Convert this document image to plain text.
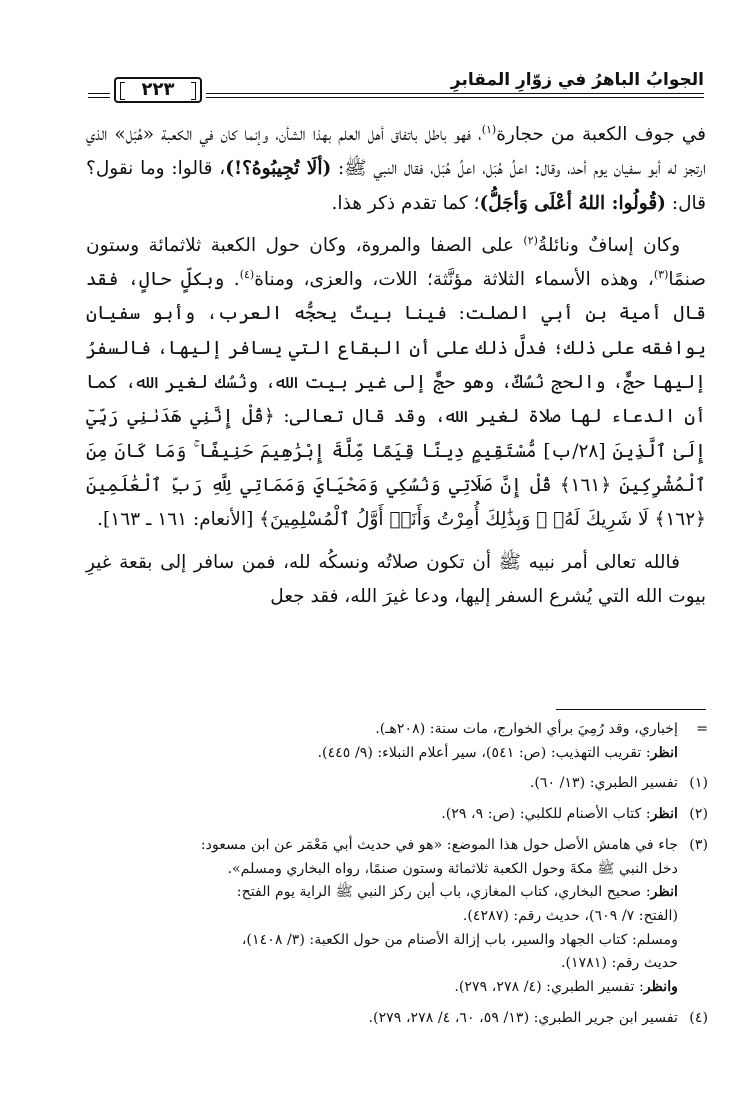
الجوابُ الباهرُ في زوّارِ المقابرِ
٢٢٣

في جوف الكعبة من حجارة$^{(١)}$، فهو باطل باتفاق أهل العلم بهذا الشأن، وإنما كان في الكعبة «هُبَل» الذي ارتجز له أبو سفيان يوم أحد، وقال: اعلُ هُبَل، اعلُ هُبَل، فقال النبي ﷺ: (ألَا تُجِيبُوهُ؟!)، قالوا: وما نقول؟ قال: (قُولُوا: اللهُ أعْلَى وَأجَلُّ)؛ كما تقدم ذكر هذا.

وكان إسافٌ ونائلةُ$^{(٢)}$ على الصفا والمروة، وكان حول الكعبة ثلاثمائة وستون صنمًا$^{(٣)}$، وهذه الأسماء الثلاثة مؤنَّثة؛ اللات، والعزى، ومناة$^{(٤)}$. وبكلٍّ حالٍ، فقد قال أمية بن أبي الصلت: فينا بيتٌ يحجُّه العرب، وأبو سفيان يوافقه على ذلك؛ فدلَّ ذلك على أن البقاع التي يسافر إليها، فالسفرُ إليها حجٌّ، والحج نُسُكٌ، وهو حجٌّ إلى غير بيت الله، ونُسُك لغير الله، كما أن الدعاء لها صلاة لغير الله، وقد قال تعالى: ﴿قُلْ إِنَّنِي هَدَىٰنِي رَبِّيٓ إِلَىٰ ٱلَّذِينَ [٢٨/ب] مُّسْتَقِيمٍ دِينًا قِيَمًا مِّلَّةَ إِبْرَٰهِيمَ حَنِيفًا ۚ وَمَا كَانَ مِنَ ٱلْمُشْرِكِينَ ﴿١٦١﴾ قُلْ إِنَّ صَلَاتِي وَنُسُكِي وَمَحْيَايَ وَمَمَاتِي لِلَّهِ رَبِّ ٱلْعَٰلَمِينَ ﴿١٦٢﴾ لَا شَرِيكَ لَهُۥ ۖ وَبِذَٰلِكَ أُمِرْتُ وَأَنَا۠ أَوَّلُ ٱلْمُسْلِمِينَ﴾ [الأنعام: ١٦١ ـ ١٦٣].

فالله تعالى أمر نبيه ﷺ أن تكون صلاتُه ونسكُه لله، فمن سافر إلى بقعة غيرِ بيوت الله التي يُشرع السفر إليها، ودعا غيرَ الله، فقد جعل

=
إخباري، وقد رُمِيَ برأي الخوارج، مات سنة: (٢٠٨هـ).
انظر: تقريب التهذيب: (ص: ٥٤١)، سير أعلام النبلاء: (٩/ ٤٤٥).
(١)
تفسير الطبري: (١٣/ ٦٠).
(٢)
انظر: كتاب الأصنام للكلبي: (ص: ٩، ٢٩).
(٣)
جاء في هامش الأصل حول هذا الموضع: «هو في حديث أبي مَعْمَر عن ابن مسعود:
دخل النبي ﷺ مكةَ وحول الكعبة ثلاثمائة وستون صنمًا، رواه البخاري ومسلم».
انظر: صحيح البخاري، كتاب المغازي، باب أين ركز النبي ﷺ الراية يوم الفتح:
(الفتح: ٧/ ٦٠٩)، حديث رقم: (٤٢٨٧).
ومسلم: كتاب الجهاد والسير، باب إزالة الأصنام من حول الكعبة: (٣/ ١٤٠٨)،
حديث رقم: (١٧٨١).
وانظر: تفسير الطبري: (٤/ ٢٧٨، ٢٧٩).
(٤)
تفسير ابن جرير الطبري: (١٣/ ٥٩، ٦٠، ٤/ ٢٧٨، ٢٧٩).
